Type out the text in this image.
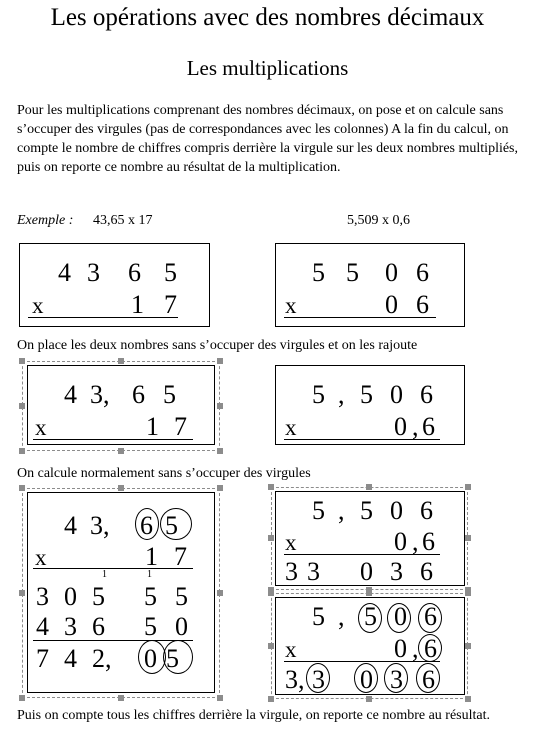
Les opérations avec des nombres décimaux
Les multiplications
Pour les multiplications comprenant des nombres décimaux, on pose et on calcule sans s’occuper des virgules (pas de correspondances avec les colonnes) A la fin du calcul, on compte le nombre de chiffres compris derrière la virgule sur les deux nombres multipliés, puis on reporte ce nombre au résultat de la multiplication.
Exemple : 43,65 x 17	5,509 x 0,6
4 3 6 5
x	1 7
5 5 0 6
x	0 6
On place les deux nombres sans s’occuper des virgules et on les rajoute
4 3, 6 5
x	1 7
5 , 5 0 6
x	0 , 6
On calcule normalement sans s’occuper des virgules
4 3, 6 5
x	1 7
1	1
3 0 5 5 5
4 3 6 5 0
7 4 2, 0 5
5 , 5 0 6
x	0 , 6
3 3 0 3 6
5 , 5 0 6
x	0 , 6
3, 3 0 3 6
Puis on compte tous les chiffres derrière la virgule, on reporte ce nombre au résultat.
